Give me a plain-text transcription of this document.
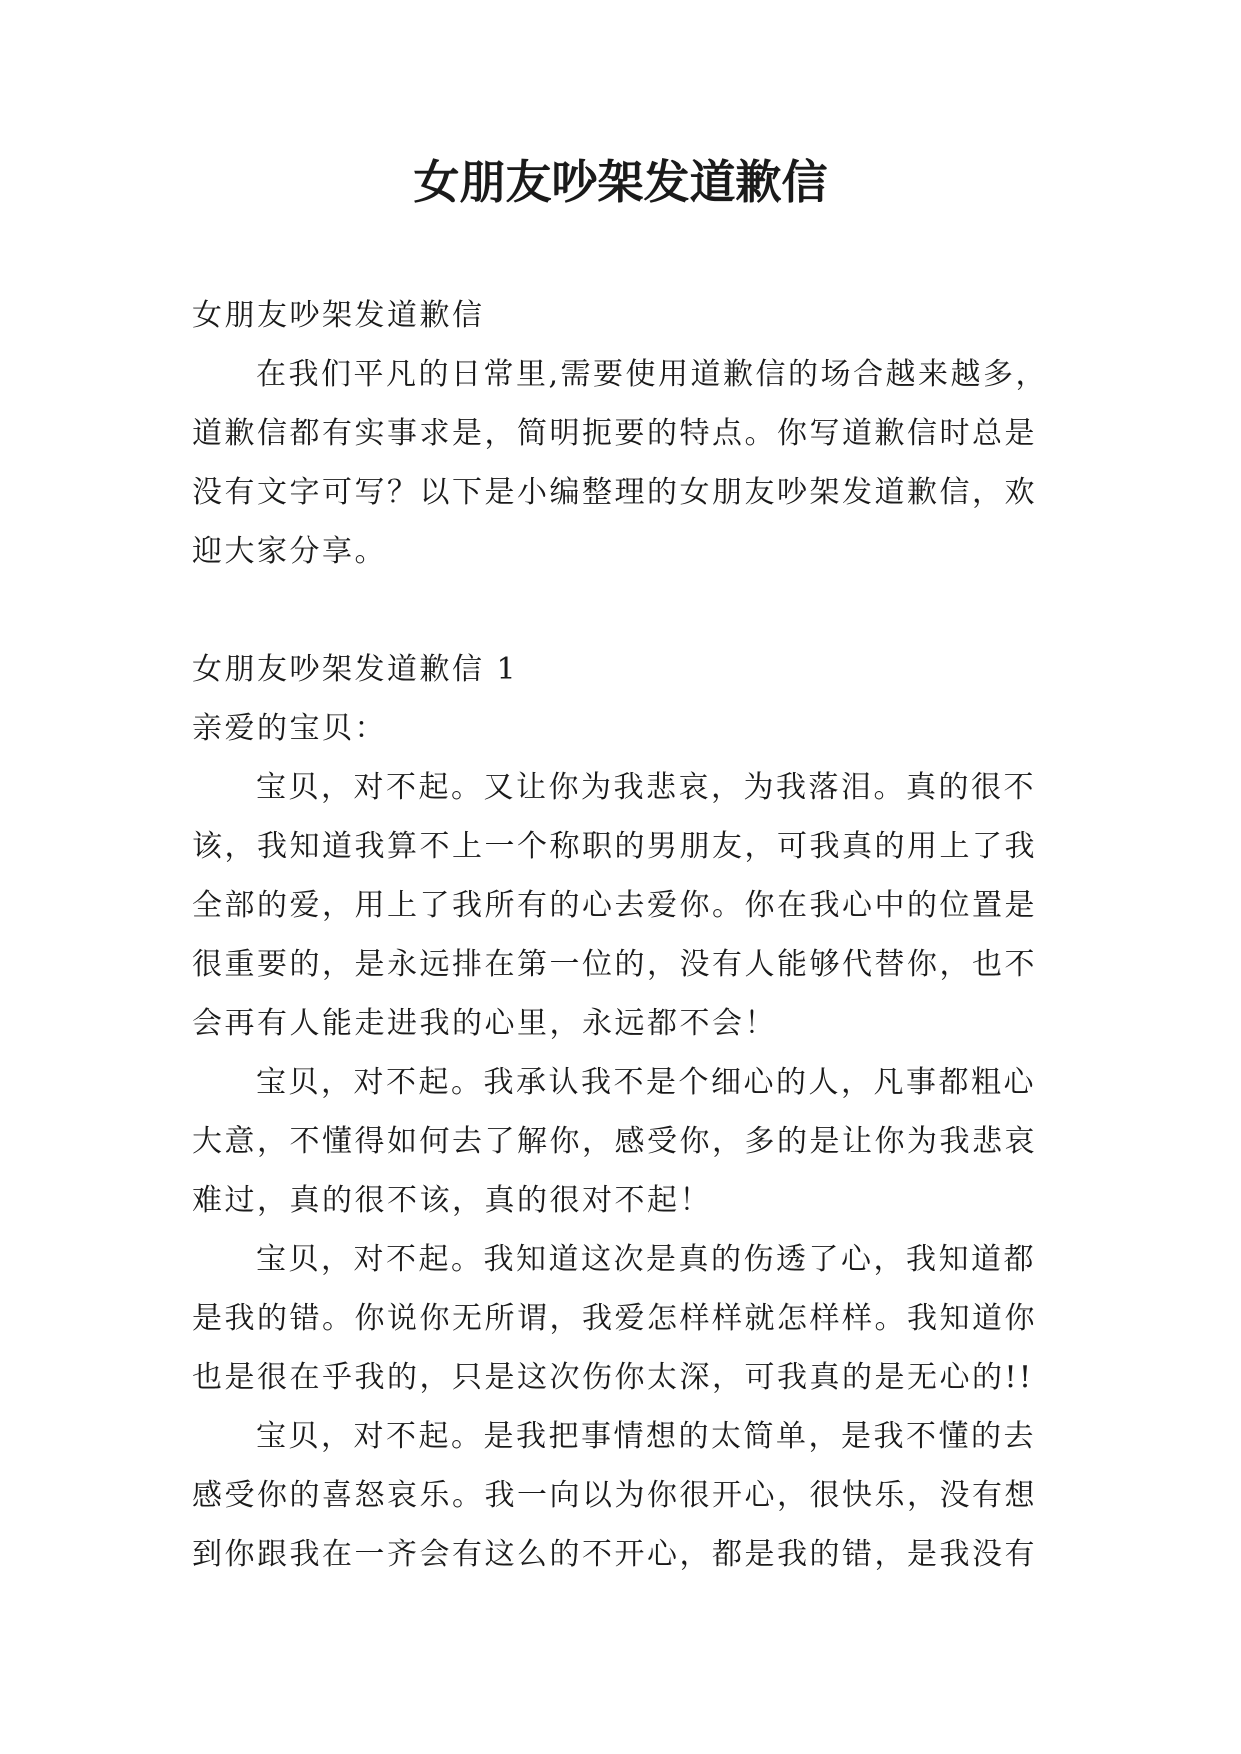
女朋友吵架发道歉信

女朋友吵架发道歉信

在我们平凡的日常里,需要使用道歉信的场合越来越多，道歉信都有实事求是，简明扼要的特点。你写道歉信时总是没有文字可写？以下是小编整理的女朋友吵架发道歉信，欢迎大家分享。

女朋友吵架发道歉信 1

亲爱的宝贝：

宝贝，对不起。又让你为我悲哀，为我落泪。真的很不该，我知道我算不上一个称职的男朋友，可我真的用上了我全部的爱，用上了我所有的心去爱你。你在我心中的位置是很重要的，是永远排在第一位的，没有人能够代替你，也不会再有人能走进我的心里，永远都不会！

宝贝，对不起。我承认我不是个细心的人，凡事都粗心大意，不懂得如何去了解你，感受你，多的是让你为我悲哀难过，真的很不该，真的很对不起！

宝贝，对不起。我知道这次是真的伤透了心，我知道都是我的错。你说你无所谓，我爱怎样样就怎样样。我知道你也是很在乎我的，只是这次伤你太深，可我真的是无心的!!

宝贝，对不起。是我把事情想的太简单，是我不懂的去感受你的喜怒哀乐。我一向以为你很开心，很快乐，没有想到你跟我在一齐会有这么的不开心，都是我的错，是我没有
